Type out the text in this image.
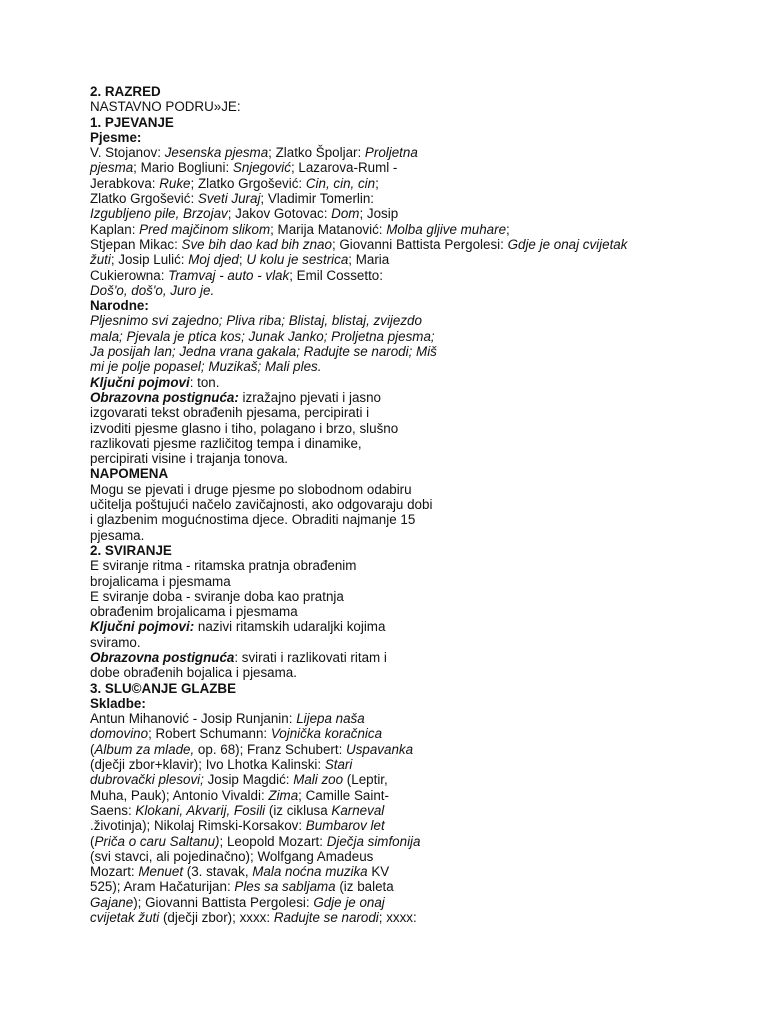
2. RAZRED
NASTAVNO PODRU»JE:
1. PJEVANJE
Pjesme:
V. Stojanov: Jesenska pjesma; Zlatko Špoljar: Proljetna
pjesma; Mario Bogliuni: Snjegović; Lazarova-Ruml -
Jerabkova: Ruke; Zlatko Grgošević: Cin, cin, cin;
Zlatko Grgošević: Sveti Juraj; Vladimir Tomerlin:
Izgubljeno pile, Brzojav; Jakov Gotovac: Dom; Josip
Kaplan: Pred majčinom slikom; Marija Matanović: Molba gljive muhare;
Stjepan Mikac: Sve bih dao kad bih znao; Giovanni Battista Pergolesi: Gdje je onaj cvijetak
žuti; Josip Lulić: Moj djed; U kolu je sestrica; Maria
Cukierowna: Tramvaj - auto - vlak; Emil Cossetto:
Doš'o, doš'o, Juro je.
Narodne:
Pljesnimo svi zajedno; Pliva riba; Blistaj, blistaj, zvijezdo
mala; Pjevala je ptica kos; Junak Janko; Proljetna pjesma;
Ja posijah lan; Jedna vrana gakala; Radujte se narodi; Miš
mi je polje popasel; Muzikaš; Mali ples.
Ključni pojmovi: ton.
Obrazovna postignuća: izražajno pjevati i jasno
izgovarati tekst obrađenih pjesama, percipirati i
izvoditi pjesme glasno i tiho, polagano i brzo, slušno
razlikovati pjesme različitog tempa i dinamike,
percipirati visine i trajanja tonova.
NAPOMENA
Mogu se pjevati i druge pjesme po slobodnom odabiru
učitelja poštujući načelo zavičajnosti, ako odgovaraju dobi
i glazbenim mogućnostima djece. Obraditi najmanje 15
pjesama.
2. SVIRANJE
E sviranje ritma - ritamska pratnja obrađenim
brojalicama i pjesmama
E sviranje doba - sviranje doba kao pratnja
obrađenim brojalicama i pjesmama
Ključni pojmovi: nazivi ritamskih udaraljki kojima
sviramo.
Obrazovna postignuća: svirati i razlikovati ritam i
dobe obrađenih bojalica i pjesama.
3. SLU©ANJE GLAZBE
Skladbe:
Antun Mihanović - Josip Runjanin: Lijepa naša
domovino; Robert Schumann: Vojnička koračnica
(Album za mlade, op. 68); Franz Schubert: Uspavanka
(dječji zbor+klavir); Ivo Lhotka Kalinski: Stari
dubrovački plesovi; Josip Magdić: Mali zoo (Leptir,
Muha, Pauk); Antonio Vivaldi: Zima; Camille Saint-
Saens: Klokani, Akvarij, Fosili (iz ciklusa Karneval
.životinja); Nikolaj Rimski-Korsakov: Bumbarov let
(Priča o caru Saltanu); Leopold Mozart: Dječja simfonija
(svi stavci, ali pojedinačno); Wolfgang Amadeus
Mozart: Menuet (3. stavak, Mala noćna muzika KV
525); Aram Hačaturijan: Ples sa sabljama (iz baleta
Gajane); Giovanni Battista Pergolesi: Gdje je onaj
cvijetak žuti (dječji zbor); xxxx: Radujte se narodi; xxxx:
